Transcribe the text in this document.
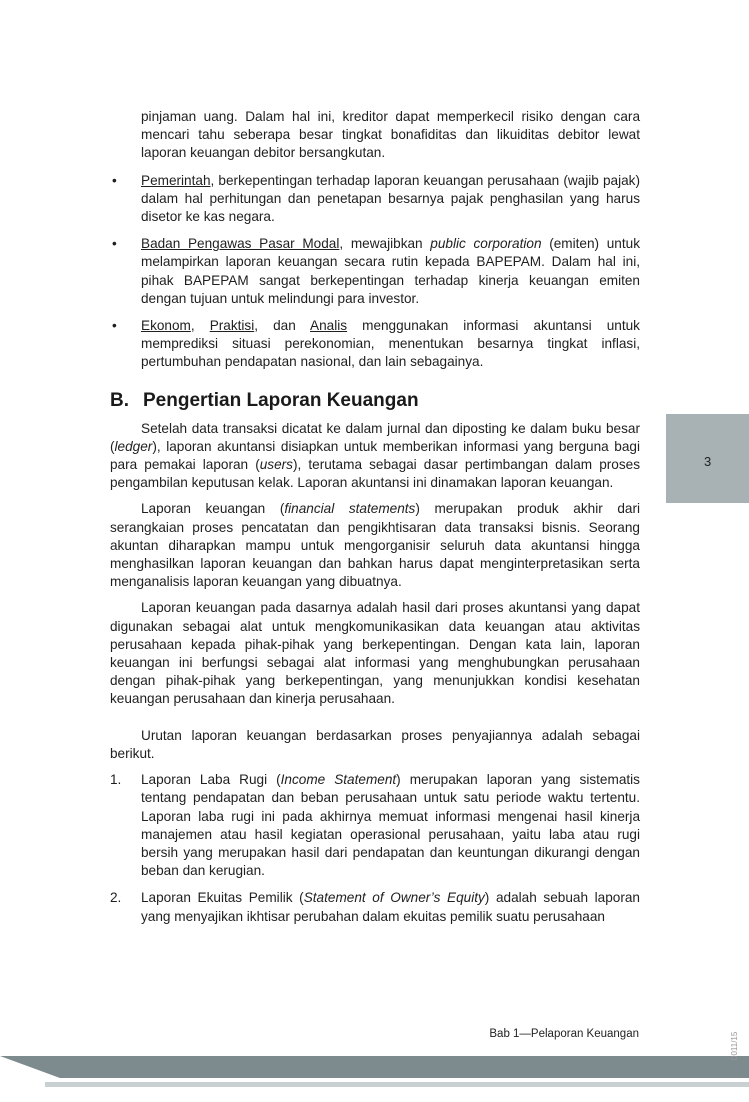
pinjaman uang. Dalam hal ini, kreditor dapat memperkecil risiko dengan cara mencari tahu seberapa besar tingkat bonafiditas dan likuiditas debitor lewat laporan keuangan debitor bersangkutan.

• Pemerintah, berkepentingan terhadap laporan keuangan perusahaan (wajib pajak) dalam hal perhitungan dan penetapan besarnya pajak penghasilan yang harus disetor ke kas negara.
• Badan Pengawas Pasar Modal, mewajibkan public corporation (emiten) untuk melampirkan laporan keuangan secara rutin kepada BAPEPAM. Dalam hal ini, pihak BAPEPAM sangat berkepentingan terhadap kinerja keuangan emiten dengan tujuan untuk melindungi para investor.
• Ekonom, Praktisi, dan Analis menggunakan informasi akuntansi untuk memprediksi situasi perekonomian, menentukan besarnya tingkat inflasi, pertumbuhan pendapatan nasional, dan lain sebagainya.
B. Pengertian Laporan Keuangan

Setelah data transaksi dicatat ke dalam jurnal dan diposting ke dalam buku besar (ledger), laporan akuntansi disiapkan untuk memberikan informasi yang berguna bagi para pemakai laporan (users), terutama sebagai dasar pertimbangan dalam proses pengambilan keputusan kelak. Laporan akuntansi ini dinamakan laporan keuangan.

Laporan keuangan (financial statements) merupakan produk akhir dari serangkaian proses pencatatan dan pengikhtisaran data transaksi bisnis. Seorang akuntan diharapkan mampu untuk mengorganisir seluruh data akuntansi hingga menghasilkan laporan keuangan dan bahkan harus dapat menginterpretasikan serta menganalisis laporan keuangan yang dibuatnya.

Laporan keuangan pada dasarnya adalah hasil dari proses akuntansi yang dapat digunakan sebagai alat untuk mengkomunikasikan data keuangan atau aktivitas perusahaan kepada pihak-pihak yang berkepentingan. Dengan kata lain, laporan keuangan ini berfungsi sebagai alat informasi yang menghubungkan perusahaan dengan pihak-pihak yang berkepentingan, yang menunjukkan kondisi kesehatan keuangan perusahaan dan kinerja perusahaan.

Urutan laporan keuangan berdasarkan proses penyajiannya adalah sebagai berikut.

1. Laporan Laba Rugi (Income Statement) merupakan laporan yang sistematis tentang pendapatan dan beban perusahaan untuk satu periode waktu tertentu. Laporan laba rugi ini pada akhirnya memuat informasi mengenai hasil kinerja manajemen atau hasil kegiatan operasional perusahaan, yaitu laba atau rugi bersih yang merupakan hasil dari pendapatan dan keuntungan dikurangi dengan beban dan kerugian.
2. Laporan Ekuitas Pemilik (Statement of Owner’s Equity) adalah sebuah laporan yang menyajikan ikhtisar perubahan dalam ekuitas pemilik suatu perusahaan
3
Bab 1—Pelaporan Keuangan	0011/15
